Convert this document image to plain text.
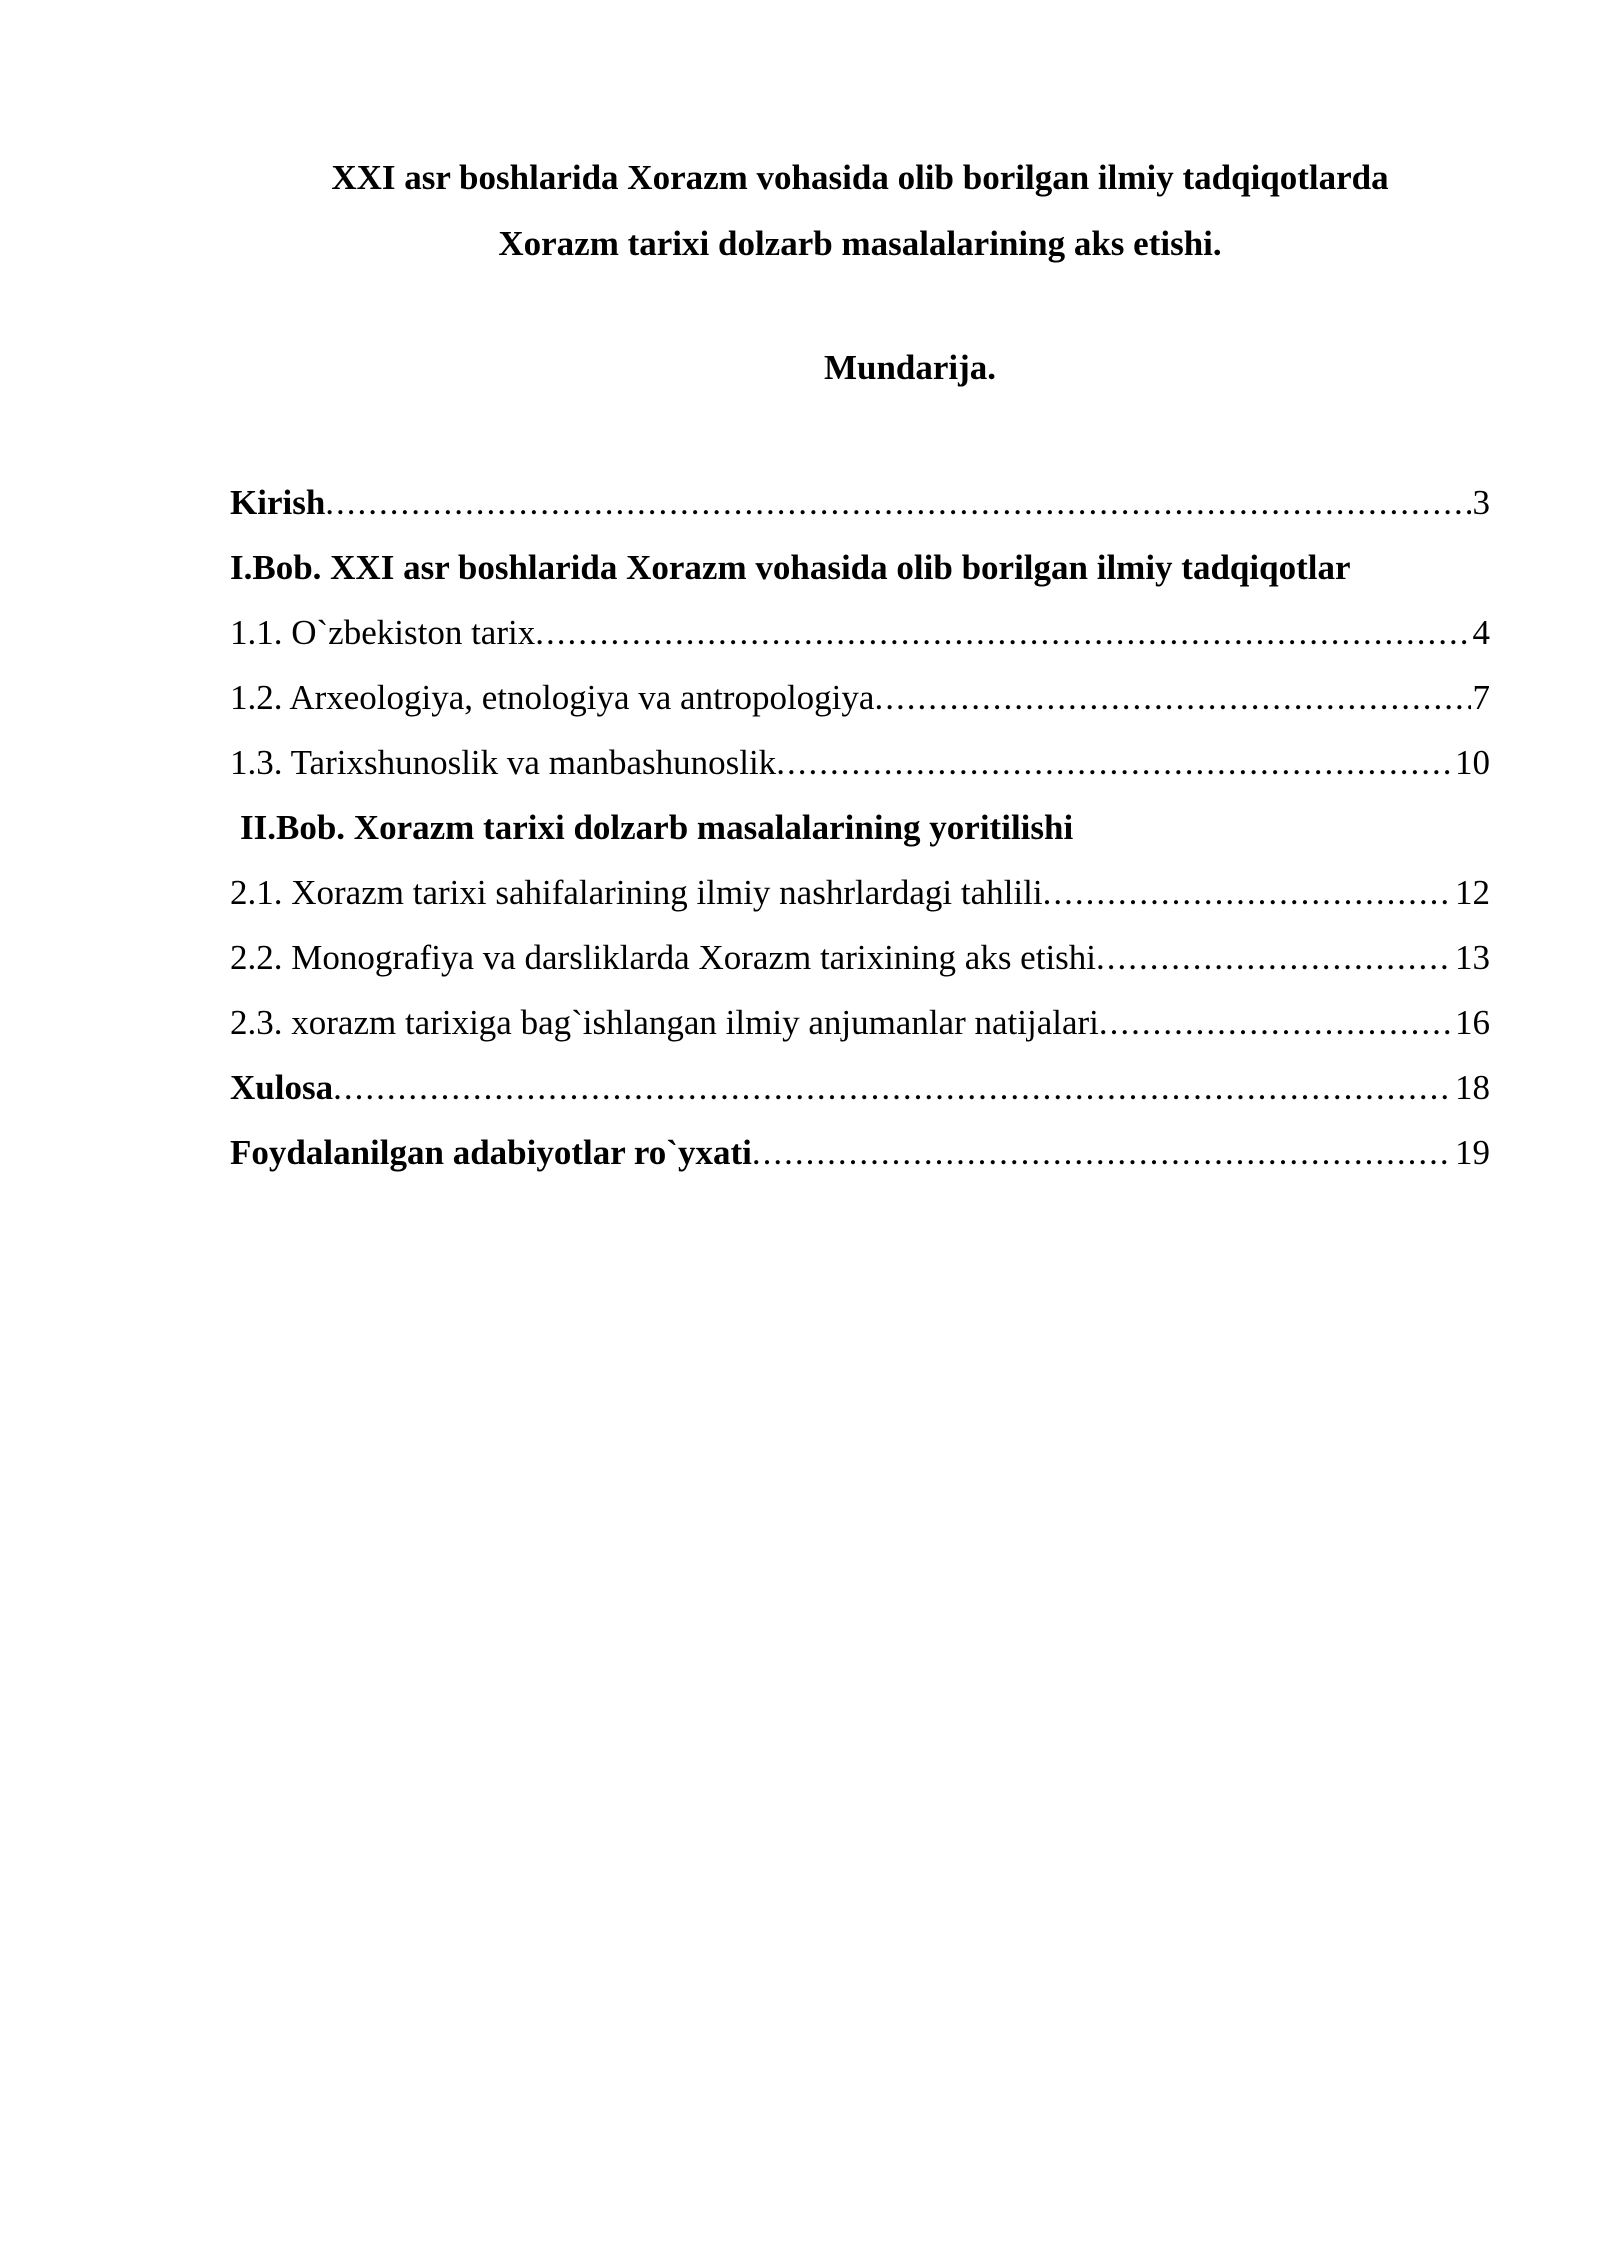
XXI asr boshlarida Xorazm vohasida olib borilgan ilmiy tadqiqotlarda
Xorazm tarixi dolzarb masalalarining aks etishi.
Mundarija.
Kirish .....	3
I.Bob. XXI asr boshlarida Xorazm vohasida olib borilgan ilmiy tadqiqotlar
1.1. O`zbekiston tarix .....	4
1.2. Arxeologiya, etnologiya va antropologiya .....	7
1.3. Tarixshunoslik va manbashunoslik .....	10
II.Bob. Xorazm tarixi dolzarb masalalarining yoritilishi
2.1. Xorazm tarixi sahifalarining ilmiy nashrlardagi tahlili .....	12
2.2. Monografiya va darsliklarda Xorazm tarixining aks etishi .....	13
2.3. xorazm tarixiga bag`ishlangan ilmiy anjumanlar natijalari .....	16
Xulosa .....	18
Foydalanilgan adabiyotlar ro`yxati .....	19
